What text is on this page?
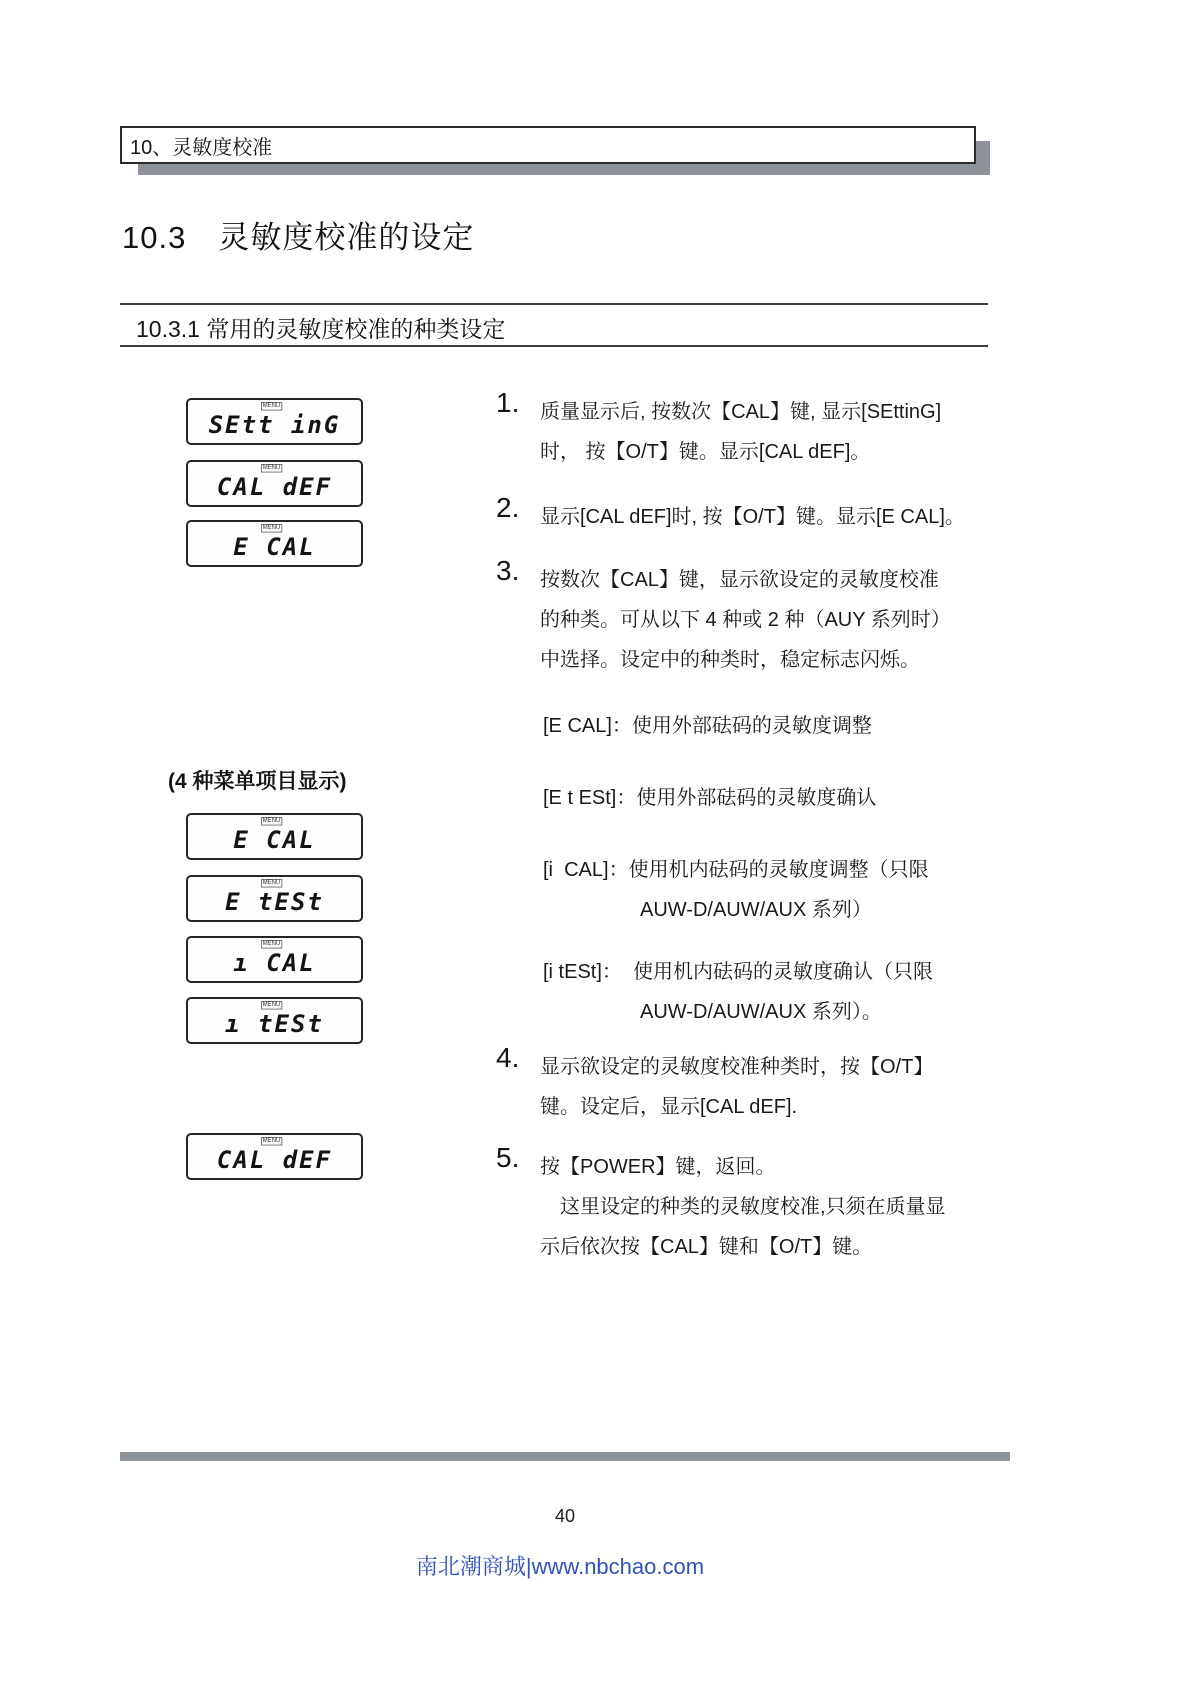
10、灵敏度校准
10.3　灵敏度校准的设定
10.3.1 常用的灵敏度校准的种类设定
MENU
SEtt inG
MENU
CAL dEF
MENU
E CAL
(4 种菜单项目显示)
MENU
E CAL
MENU
E tESt
MENU
ı CAL
MENU
ı tESt
MENU
CAL dEF
1. 质量显示后, 按数次【CAL】键, 显示[SEttinG]
时， 按【O/T】键。显示[CAL dEF]。
2. 显示[CAL dEF]时, 按【O/T】键。显示[E CAL]。
3. 按数次【CAL】键，显示欲设定的灵敏度校准
的种类。可从以下 4 种或 2 种（AUY 系列时）
中选择。设定中的种类时，稳定标志闪烁。
[E CAL]：使用外部砝码的灵敏度调整
[E t ESt]：使用外部砝码的灵敏度确认
[i  CAL]：使用机内砝码的灵敏度调整（只限
AUW-D/AUW/AUX 系列）
[i tESt]：  使用机内砝码的灵敏度确认（只限
AUW-D/AUW/AUX 系列）。
4. 显示欲设定的灵敏度校准种类时，按【O/T】
键。设定后，显示[CAL dEF].
5. 按【POWER】键，返回。
　这里设定的种类的灵敏度校准,只须在质量显
示后依次按【CAL】键和【O/T】键。
40
南北潮商城|www.nbchao.com
